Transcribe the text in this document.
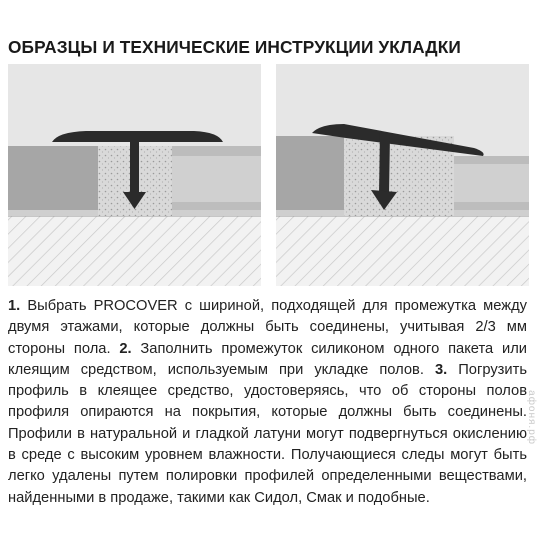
ОБРАЗЦЫ И ТЕХНИЧЕСКИЕ ИНСТРУКЦИИ УКЛАДКИ
1. Выбрать PROCOVER с шириной, подходящей для промежутка между двумя этажами, которые должны быть соединены, учитывая 2/3 мм стороны пола. 2. Заполнить промежуток силиконом одного пакета или клеящим средством, используемым при укладке полов. 3. Погрузить профиль в клеящее средство, удостоверяясь, что об стороны полов профиля опираются на покрытия, которые должны быть соединены. Профили в натуральной и гладкой латуни могут подвергнуться окислению в среде с высоким уровнем влажности. Получающиеся следы могут быть легко удалены путем полировки профилей определенными веществами, найденными в продаже, такими как Сидол, Смак и подобные.
афоня.рф
